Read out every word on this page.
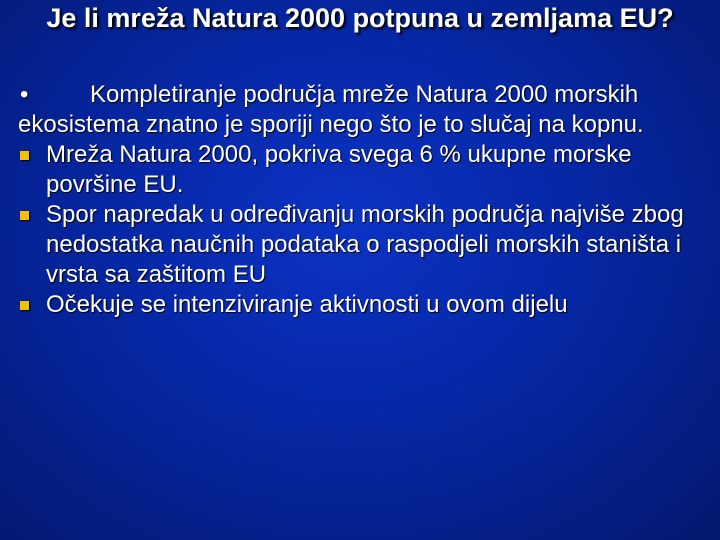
Je li mreža Natura 2000 potpuna u zemljama EU?

•	Kompletiranje područja mreže Natura 2000 morskih ekosistema znatno je sporiji nego što je to slučaj na kopnu.

Mreža Natura 2000, pokriva svega 6 % ukupne morske površine EU.
Spor napredak u određivanju morskih područja najviše zbog nedostatka naučnih podataka o raspodjeli morskih staništa i vrsta sa zaštitom EU
Očekuje se intenziviranje aktivnosti u ovom dijelu
